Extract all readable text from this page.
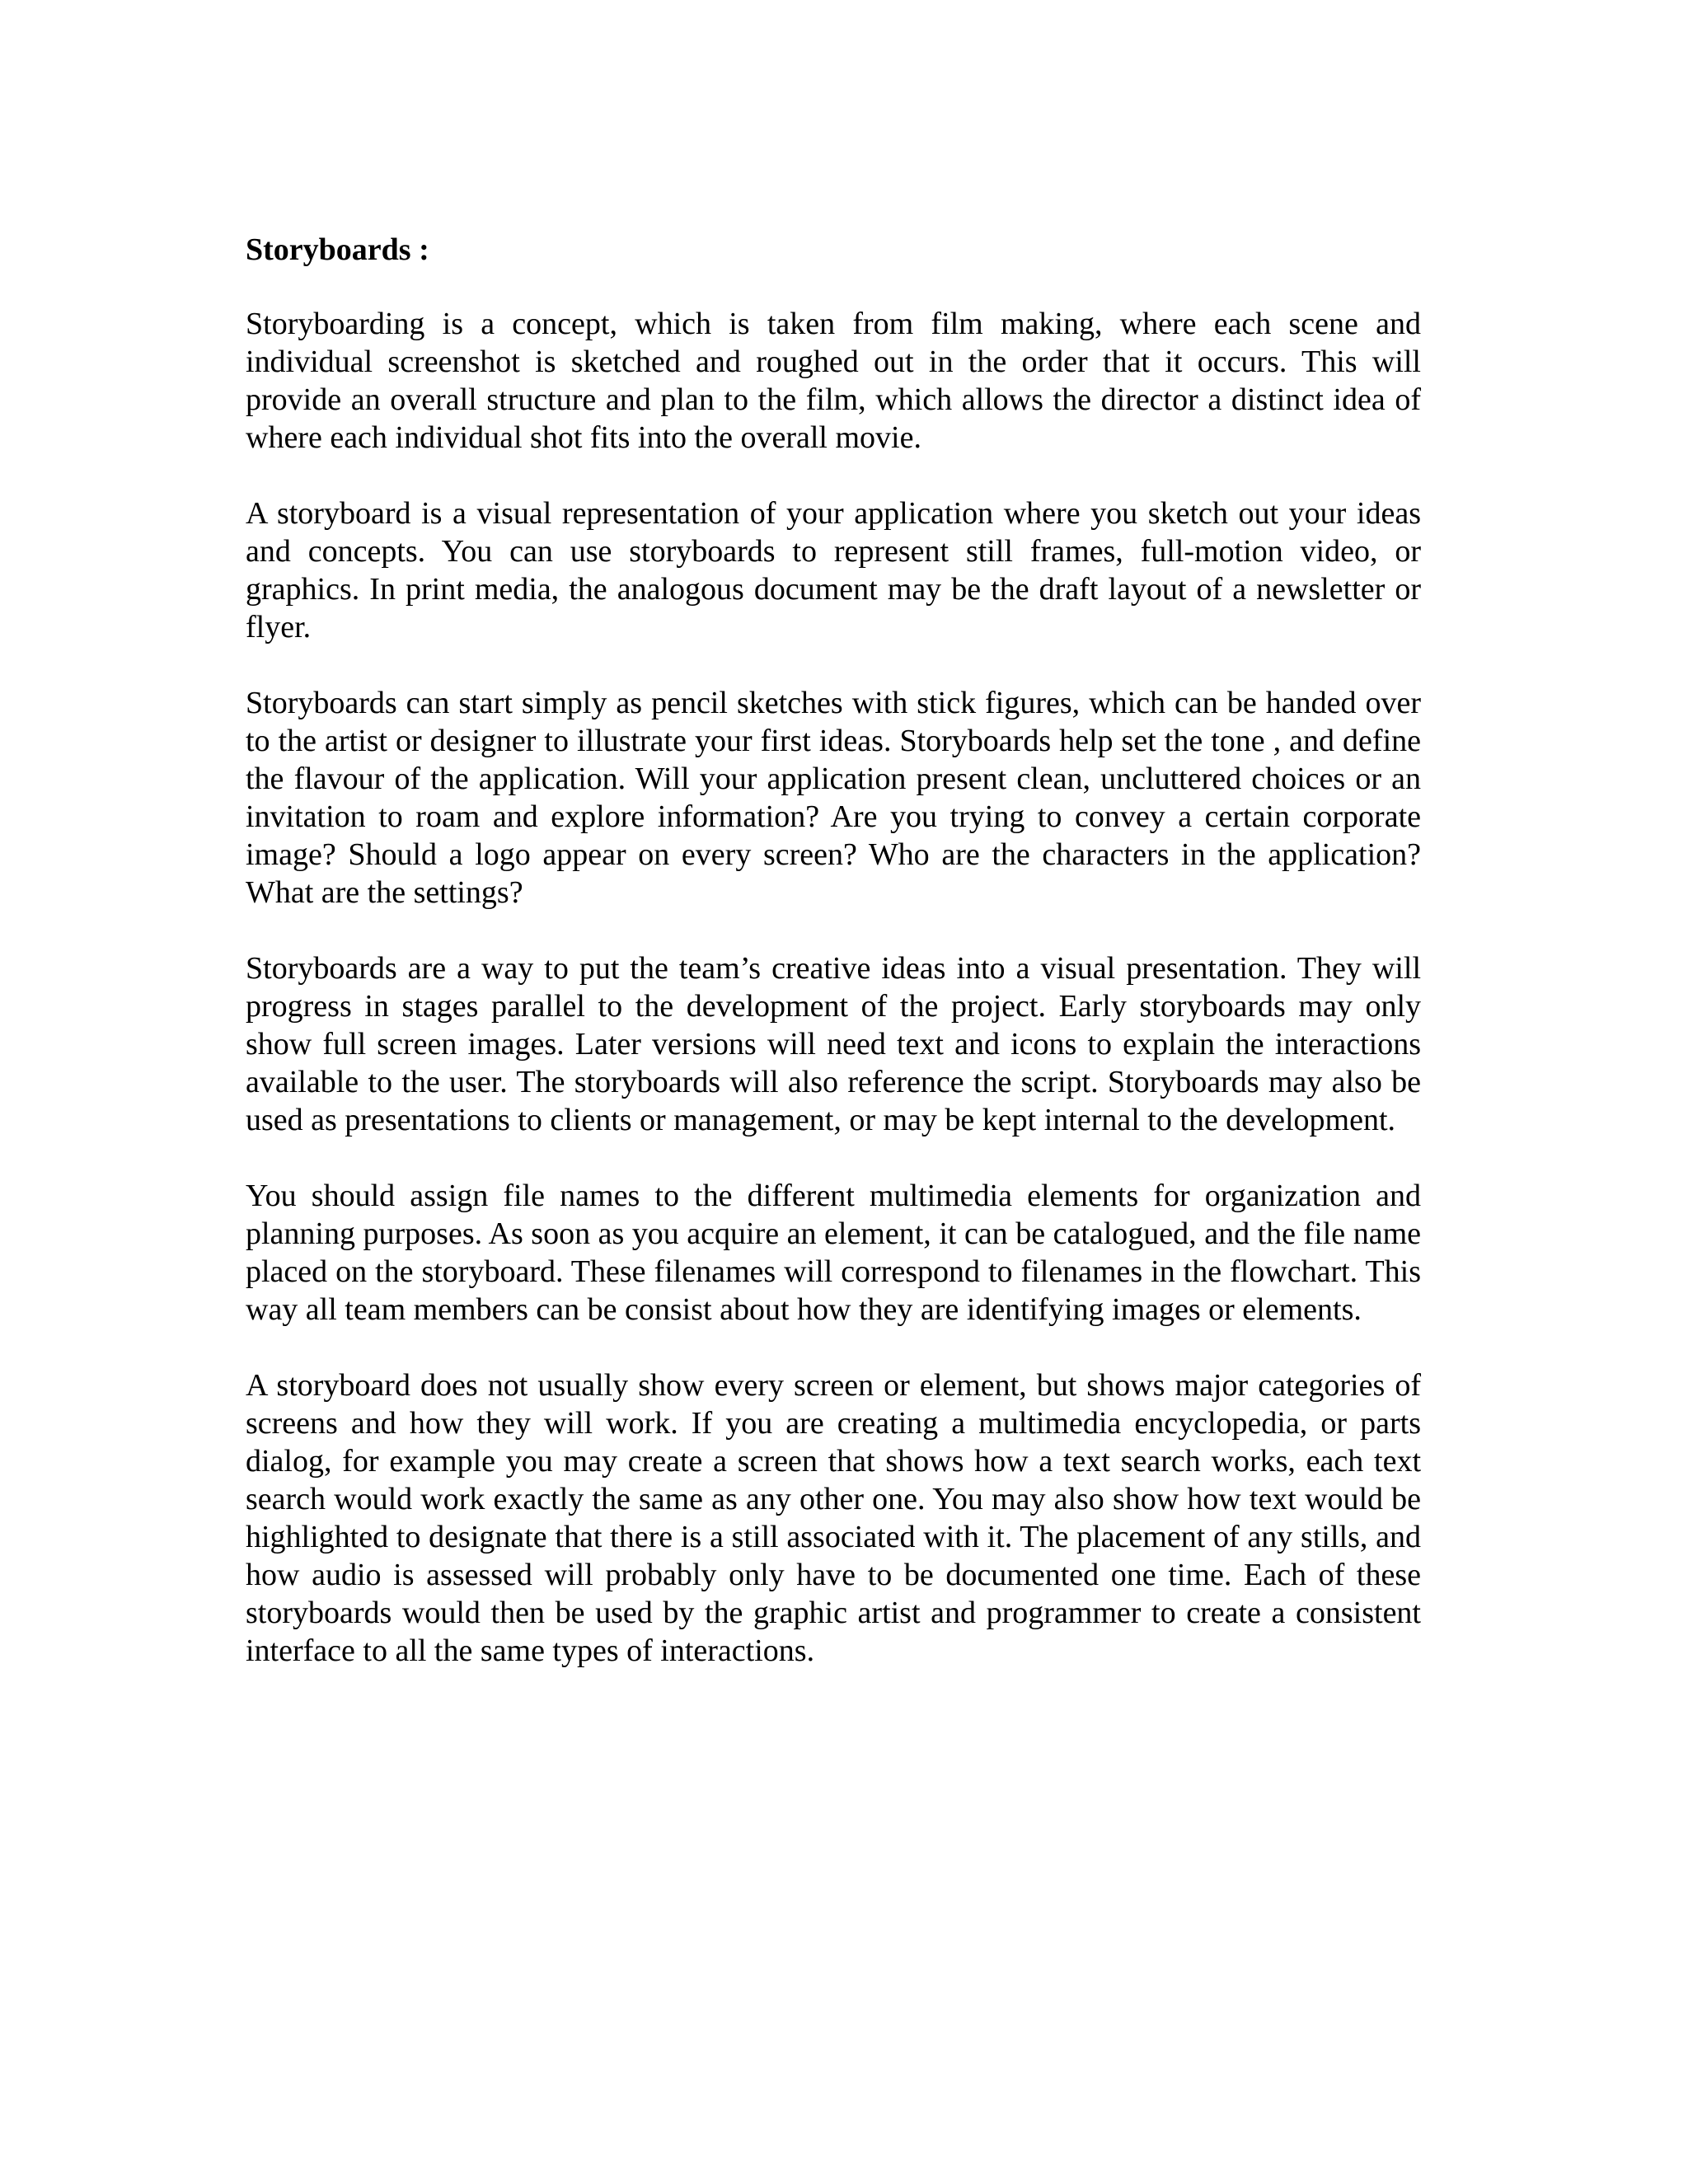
Storyboards :

Storyboarding is a concept, which is taken from film making, where each scene and individual screenshot is sketched and roughed out in the order that it occurs. This will provide an overall structure and plan to the film, which allows the director a distinct idea of where each individual shot fits into the overall movie.

A storyboard is a visual representation of your application where you sketch out your ideas and concepts. You can use storyboards to represent still frames, full-motion video, or graphics. In print media, the analogous document may be the draft layout of a newsletter or flyer.

Storyboards can start simply as pencil sketches with stick figures, which can be handed over to the artist or designer to illustrate your first ideas. Storyboards help set the tone , and define the flavour of the application. Will your application present clean, uncluttered choices or an invitation to roam and explore information? Are you trying to convey a certain corporate image? Should a logo appear on every screen? Who are the characters in the application? What are the settings?

Storyboards are a way to put the team’s creative ideas into a visual presentation. They will progress in stages parallel to the development of the project. Early storyboards may only show full screen images. Later versions will need text and icons to explain the interactions available to the user. The storyboards will also reference the script. Storyboards may also be used as presentations to clients or management, or may be kept internal to the development.

You should assign file names to the different multimedia elements for organization and planning purposes. As soon as you acquire an element, it can be catalogued, and the file name placed on the storyboard. These filenames will correspond to filenames in the flowchart. This way all team members can be consist about how they are identifying images or elements.

A storyboard does not usually show every screen or element, but shows major categories of screens and how they will work. If you are creating a multimedia encyclopedia, or parts dialog, for example you may create a screen that shows how a text search works, each text search would work exactly the same as any other one. You may also show how text would be highlighted to designate that there is a still associated with it. The placement of any stills, and how audio is assessed will probably only have to be documented one time. Each of these storyboards would then be used by the graphic artist and programmer to create a consistent interface to all the same types of interactions.
